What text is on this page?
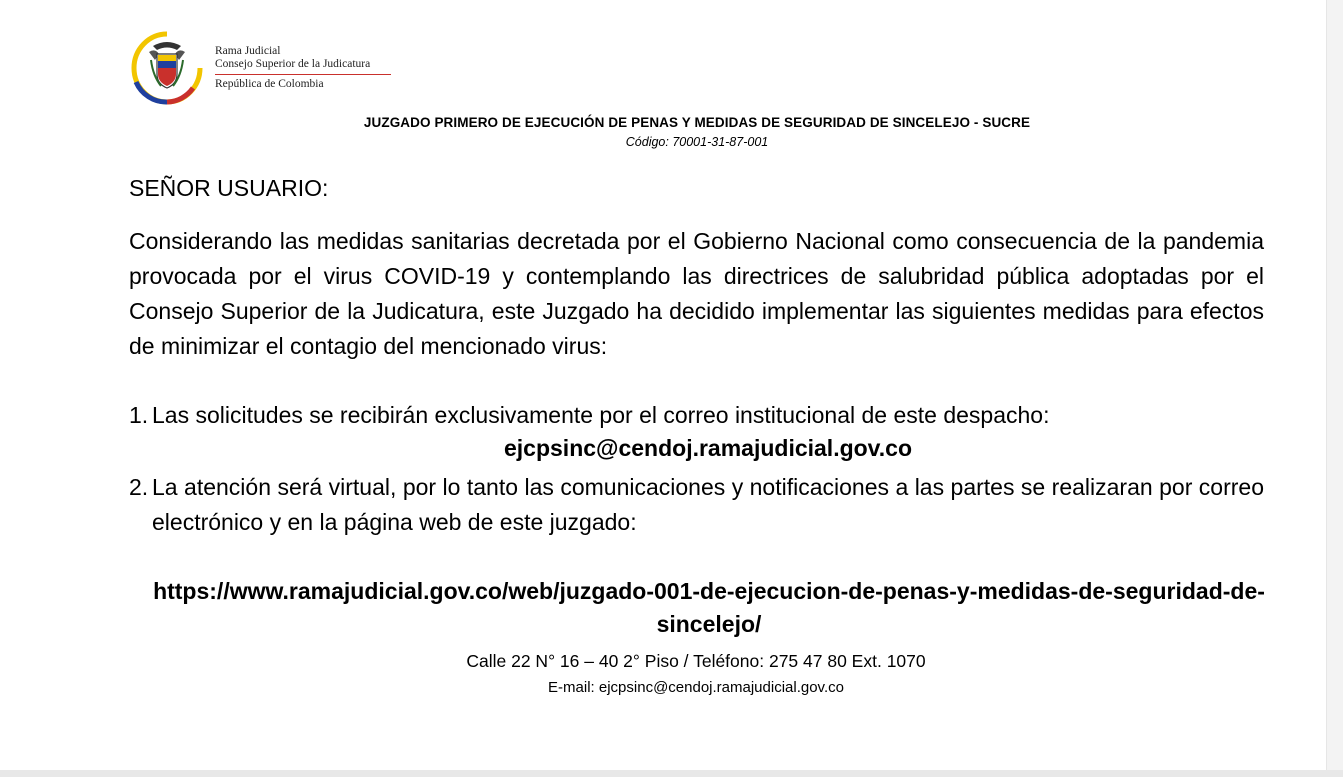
Rama Judicial
Consejo Superior de la Judicatura
República de Colombia
JUZGADO PRIMERO DE EJECUCIÓN DE PENAS Y MEDIDAS DE SEGURIDAD DE SINCELEJO - SUCRE
Código: 70001-31-87-001
SEÑOR USUARIO:
Considerando las medidas sanitarias decretada por el Gobierno Nacional como consecuencia de la pandemia provocada por el virus COVID-19 y contemplando las directrices de salubridad pública adoptadas por el Consejo Superior de la Judicatura, este Juzgado ha decidido implementar las siguientes medidas para efectos de minimizar el contagio del mencionado virus:
1. Las solicitudes se recibirán exclusivamente por el correo institucional de este despacho:
ejcpsinc@cendoj.ramajudicial.gov.co
2. La atención será virtual, por lo tanto las comunicaciones y notificaciones a las partes se realizaran por correo electrónico y en la página web de este juzgado:
https://www.ramajudicial.gov.co/web/juzgado-001-de-ejecucion-de-penas-y-medidas-de-seguridad-de-sincelejo/
Calle 22 N° 16 – 40 2° Piso / Teléfono: 275 47 80 Ext. 1070
E-mail: ejcpsinc@cendoj.ramajudicial.gov.co
